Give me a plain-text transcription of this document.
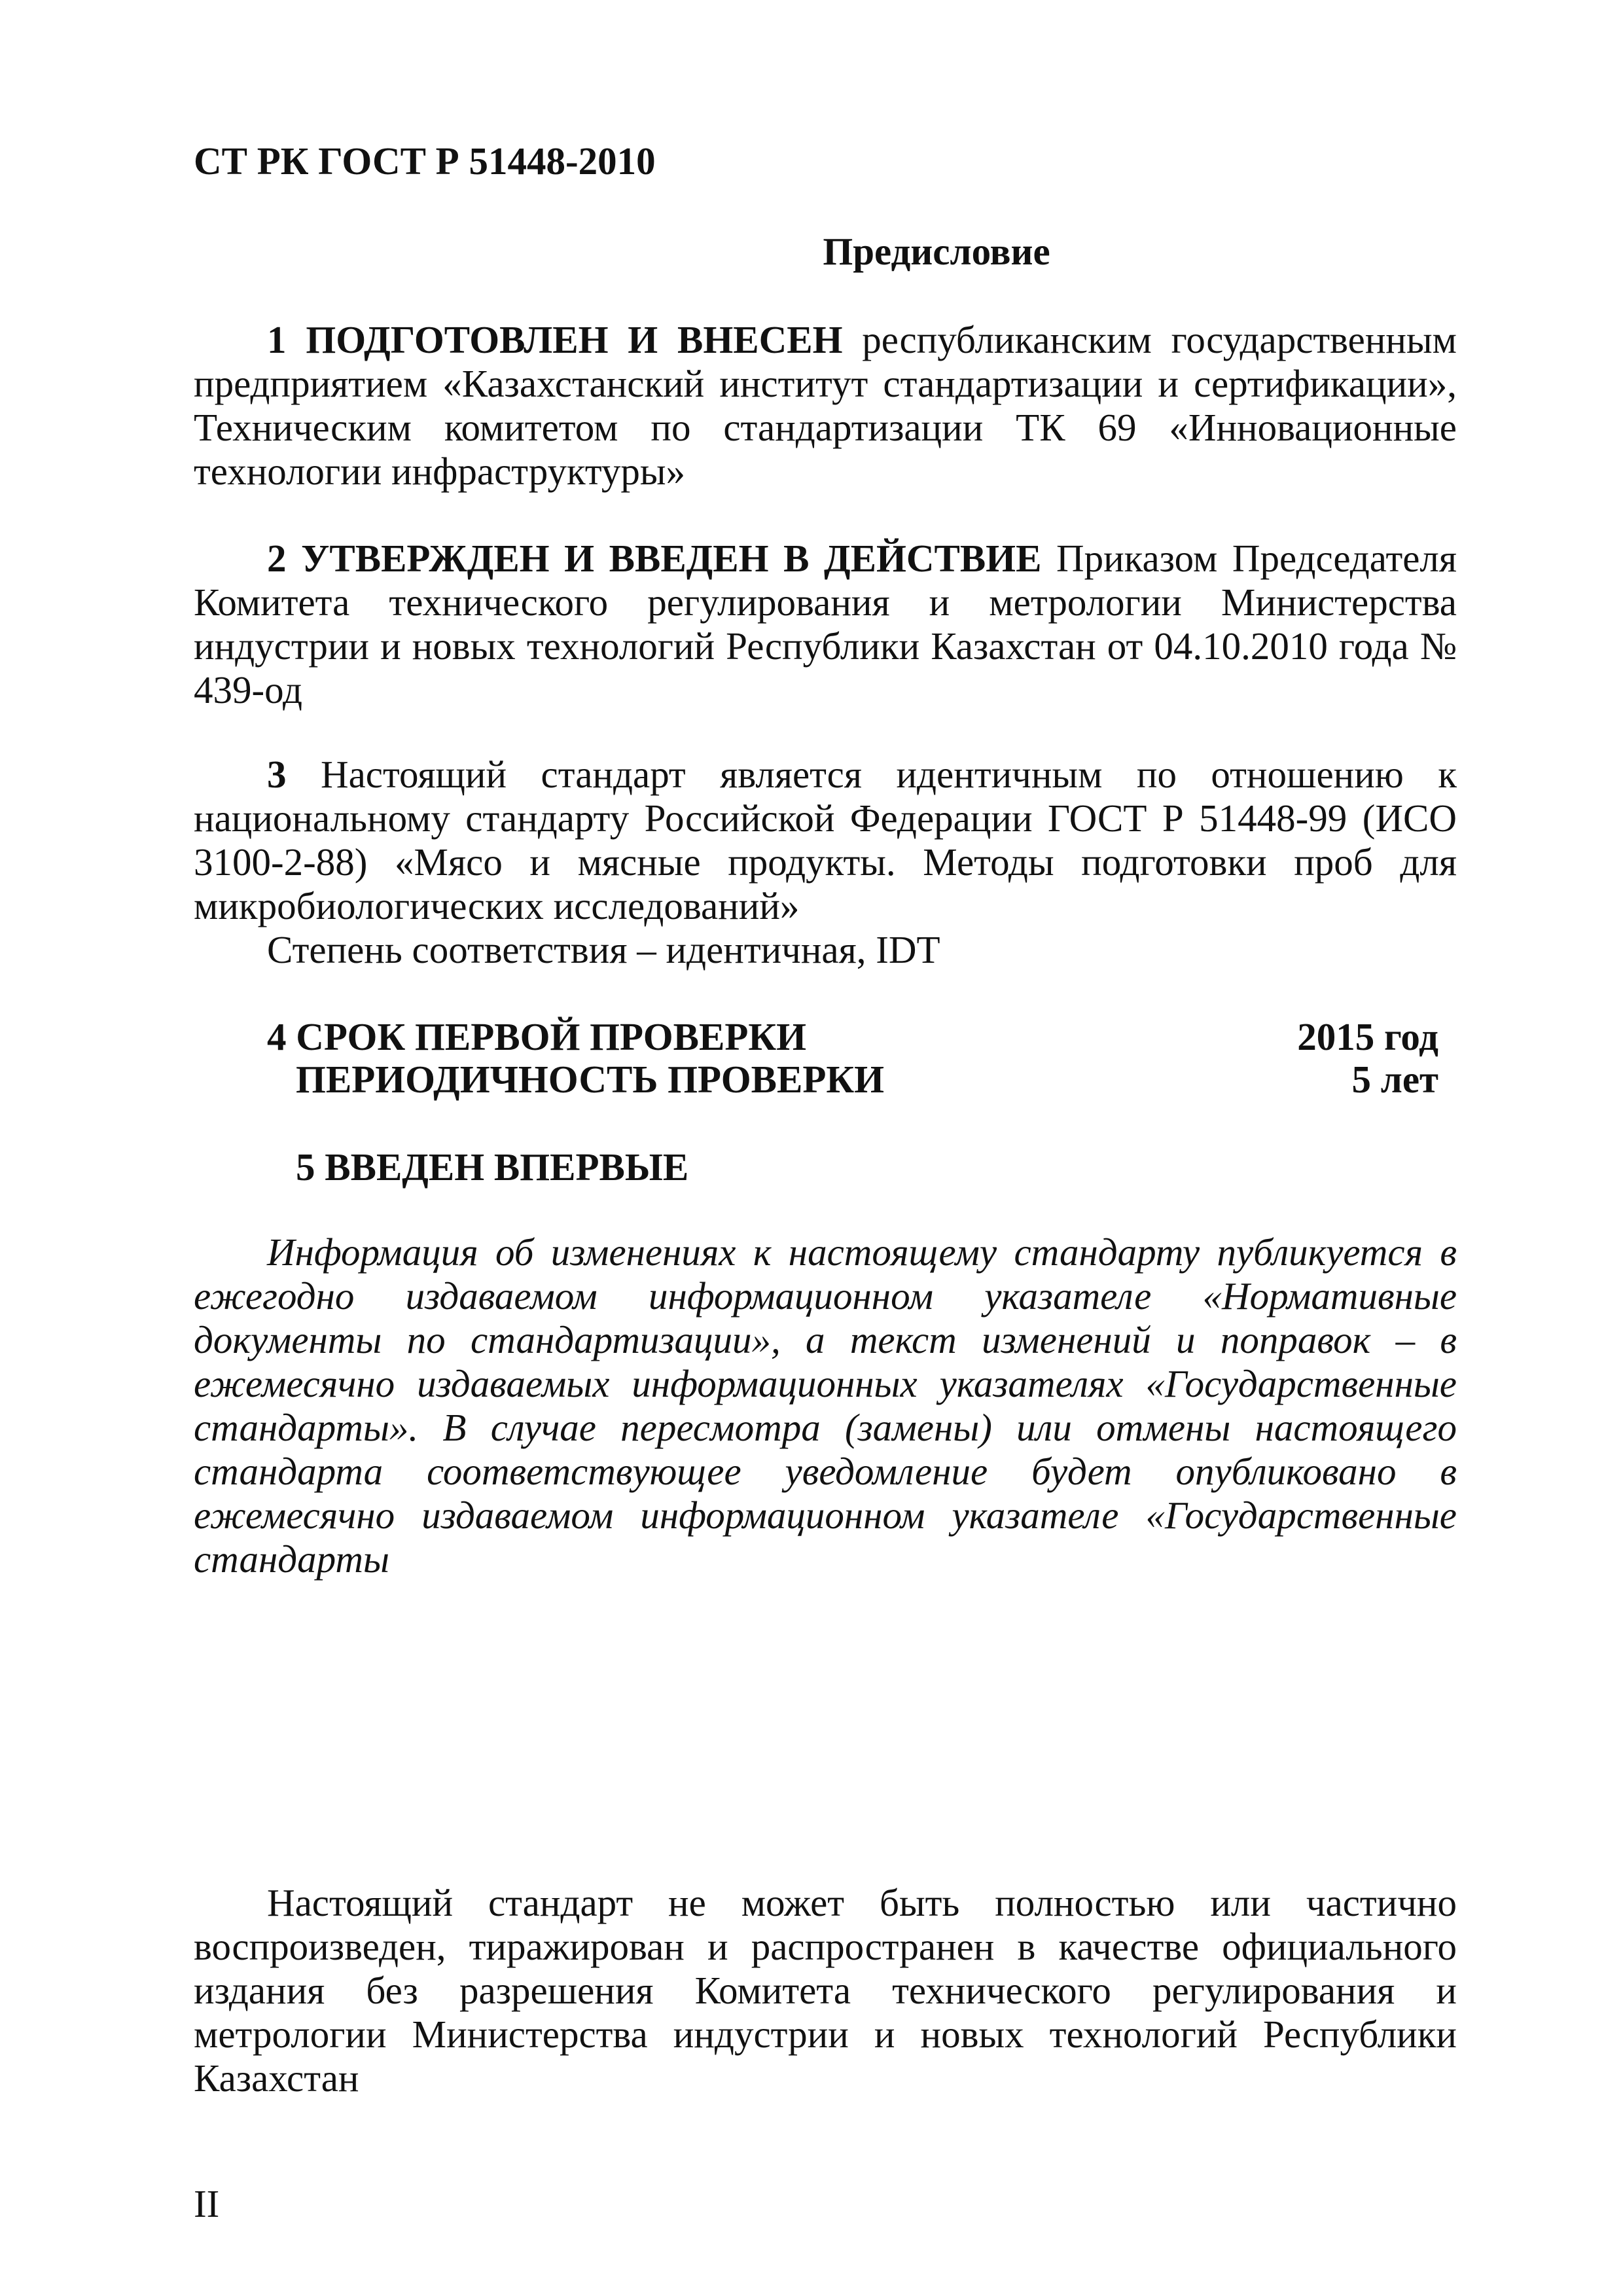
СТ РК ГОСТ Р 51448-2010
Предисловие
1 ПОДГОТОВЛЕН И ВНЕСЕН республиканским государственным предприятием «Казахстанский институт стандартизации и сертификации», Техническим комитетом по стандартизации ТК 69 «Инновационные технологии инфраструктуры»
2 УТВЕРЖДЕН И ВВЕДЕН В ДЕЙСТВИЕ Приказом Председателя Комитета технического регулирования и метрологии Министерства индустрии и новых технологий Республики Казахстан от 04.10.2010 года № 439-од
3 Настоящий стандарт является идентичным по отношению к национальному стандарту Российской Федерации ГОСТ Р 51448-99 (ИСО 3100-2-88) «Мясо и мясные продукты. Методы подготовки проб для микробиологических исследований»
Степень соответствия – идентичная, IDT
4 СРОК ПЕРВОЙ ПРОВЕРКИ	2015 год
ПЕРИОДИЧНОСТЬ ПРОВЕРКИ	5 лет
5 ВВЕДЕН ВПЕРВЫЕ
Информация об изменениях к настоящему стандарту публикуется в ежегодно издаваемом информационном указателе «Нормативные документы по стандартизации», а текст изменений и поправок – в ежемесячно издаваемых информационных указателях «Государственные стандарты». В случае пересмотра (замены) или отмены настоящего стандарта соответствующее уведомление будет опубликовано в ежемесячно издаваемом информационном указателе «Государственные стандарты
Настоящий стандарт не может быть полностью или частично воспроизведен, тиражирован и распространен в качестве официального издания без разрешения Комитета технического регулирования и метрологии Министерства индустрии и новых технологий Республики Казахстан
II
